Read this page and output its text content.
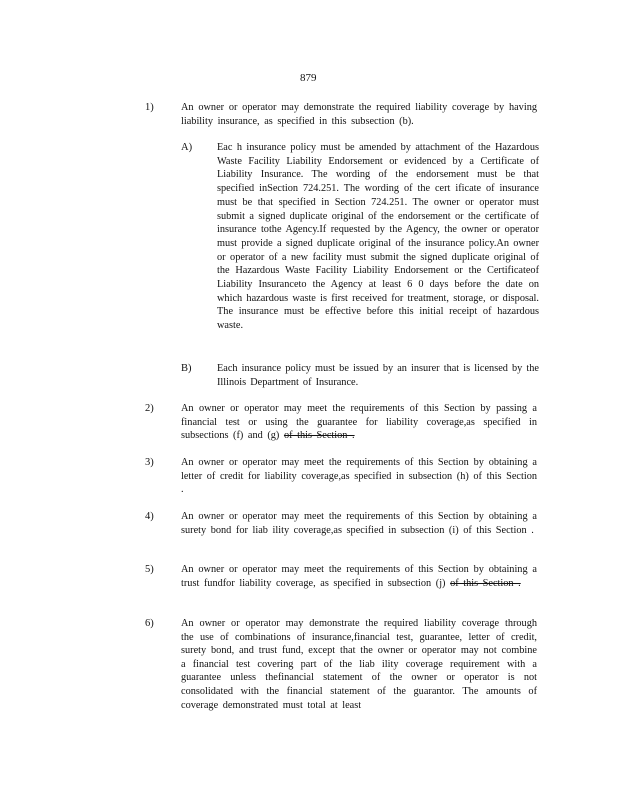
879
1)	An owner or operator may demonstrate the required liability coverage by having liability insurance, as specified in this subsection (b).
A) Eac h insurance policy must be amended by attachment of the Hazardous Waste Facility Liability Endorsement or evidenced by a Certificate of Liability Insurance. The wording of the endorsement must be that specified inSection 724.251. The wording of the cert ificate of insurance must be that specified in Section 724.251. The owner or operator must submit a signed duplicate original of the endorsement or the certificate of insurance tothe Agency.If requested by the Agency, the owner or operator must provide a signed duplicate original of the insurance policy.An owner or operator of a new facility must submit the signed duplicate original of the Hazardous Waste Facility Liability Endorsement or the Certificateof Liability Insuranceto the Agency at least 6 0 days before the date on which hazardous waste is first received for treatment, storage, or disposal. The insurance must be effective before this initial receipt of hazardous waste.
B) Each insurance policy must be issued by an insurer that is licensed by the Illinois Department of Insurance.
2)	An owner or operator may meet the requirements of this Section by passing a financial test or using the guarantee for liability coverage,as specified in subsections (f) and (g) of this Section .
3)	An owner or operator may meet the requirements of this Section by obtaining a letter of credit for liability coverage,as specified in subsection (h) of this Section .
4)	An owner or operator may meet the requirements of this Section by obtaining a surety bond for liab ility coverage,as specified in subsection (i) of this Section .
5)	An owner or operator may meet the requirements of this Section by obtaining a trust fundfor liability coverage, as specified in subsection (j) of this Section .
6)	An owner or operator may demonstrate the required liability coverage through the use of combinations of insurance,financial test, guarantee, letter of credit, surety bond, and trust fund, except that the owner or operator may not combine a financial test covering part of the liab ility coverage requirement with a guarantee unless thefinancial statement of the owner or operator is not consolidated with the financial statement of the guarantor. The amounts of coverage demonstrated must total at least
